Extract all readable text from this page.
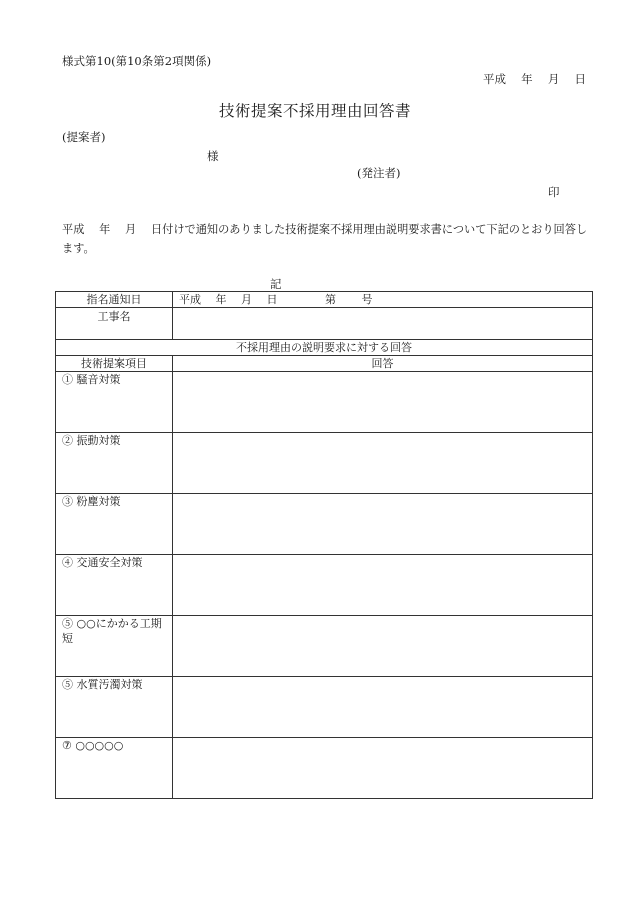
様式第10(第10条第2項関係)
平成　 年　 月　 日
技術提案不採用理由回答書
(提案者)
様
(発注者)
印
平成　 年　 月　 日付けで通知のありました技術提案不採用理由説明要求書について下記のとおり回答します。
記
指名通知日	平成　 年　 月　 日　　　　 第　　 号
工事名	
不採用理由の説明要求に対する回答	
技術提案項目	回答
① 騒音対策	
② 振動対策	
③ 粉塵対策	
④ 交通安全対策	
⑤ ○○にかかる工期短	
⑤ 水質汚濁対策	
⑦ ○○○○○	
